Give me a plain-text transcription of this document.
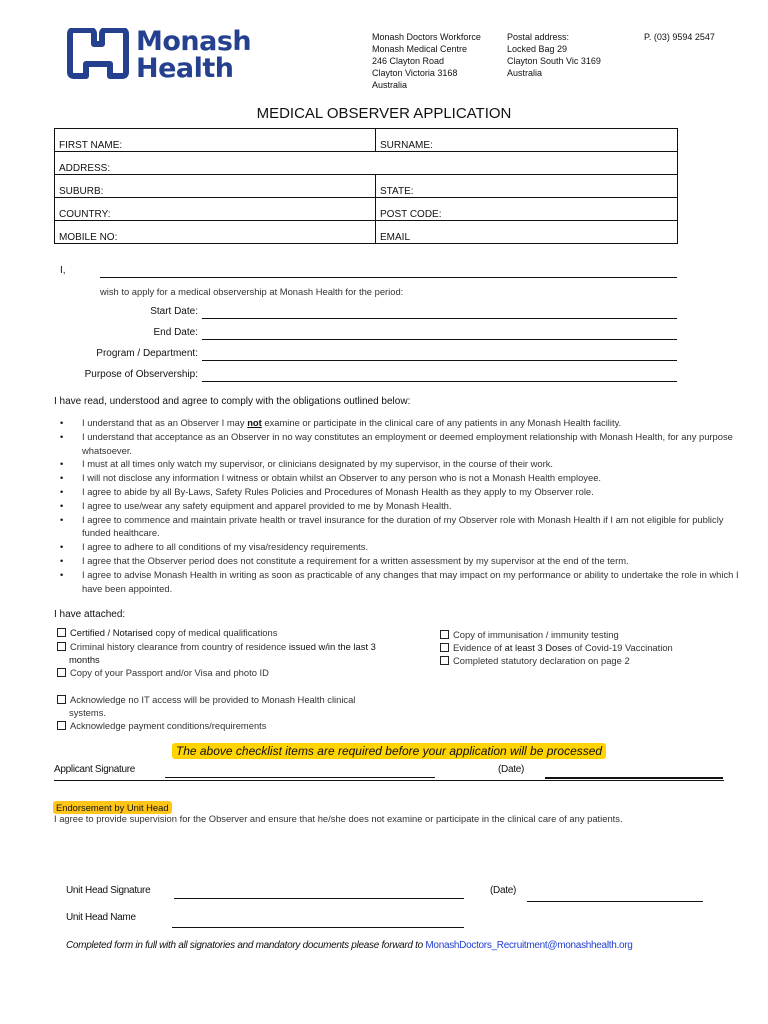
Monash
Health
Monash Doctors Workforce
Monash Medical Centre
246 Clayton Road
Clayton Victoria 3168
Australia
Postal address:
Locked Bag 29
Clayton South Vic 3169
Australia
P. (03) 9594 2547
MEDICAL OBSERVER APPLICATION
FIRST NAME:	SURNAME:
ADDRESS:	
SUBURB:	STATE:
COUNTRY:	POST CODE:
MOBILE NO:	EMAIL
I,
wish to apply for a medical observership at Monash Health for the period:
Start Date:
End Date:
Program / Department:
Purpose of Observership:
I have read, understood and agree to comply with the obligations outlined below:
• I understand that as an Observer I may not examine or participate in the clinical care of any patients in any Monash Health facility.
• I understand that acceptance as an Observer in no way constitutes an employment or deemed employment relationship with Monash Health, for any purpose whatsoever.
• I must at all times only watch my supervisor, or clinicians designated by my supervisor, in the course of their work.
• I will not disclose any information I witness or obtain whilst an Observer to any person who is not a Monash Health employee.
• I agree to abide by all By-Laws, Safety Rules Policies and Procedures of Monash Health as they apply to my Observer role.
• I agree to use/wear any safety equipment and apparel provided to me by Monash Health.
• I agree to commence and maintain private health or travel insurance for the duration of my Observer role with Monash Health if I am not eligible for publicly funded healthcare.
• I agree to adhere to all conditions of my visa/residency requirements.
• I agree that the Observer period does not constitute a requirement for a written assessment by my supervisor at the end of the term.
• I agree to advise Monash Health in writing as soon as practicable of any changes that may impact on my performance or ability to undertake the role in which I have been appointed.
I have attached:
Certified / Notarised copy of medical qualifications
Criminal history clearance from country of residence issued w/in the last 3
months
Copy of your Passport and/or Visa and photo ID
Acknowledge no IT access will be provided to Monash Health clinical
systems.
Acknowledge payment conditions/requirements
Copy of immunisation / immunity testing
Evidence of at least 3 Doses of Covid-19 Vaccination
Completed statutory declaration on page 2
The above checklist items are required before your application will be processed
Applicant Signature	(Date)
Endorsement by Unit Head
I agree to provide supervision for the Observer and ensure that he/she does not examine or participate in the clinical care of any patients.
Unit Head Signature	(Date)
Unit Head Name
Completed form in full with all signatories and mandatory documents please forward to MonashDoctors_Recruitment@monashhealth.org
